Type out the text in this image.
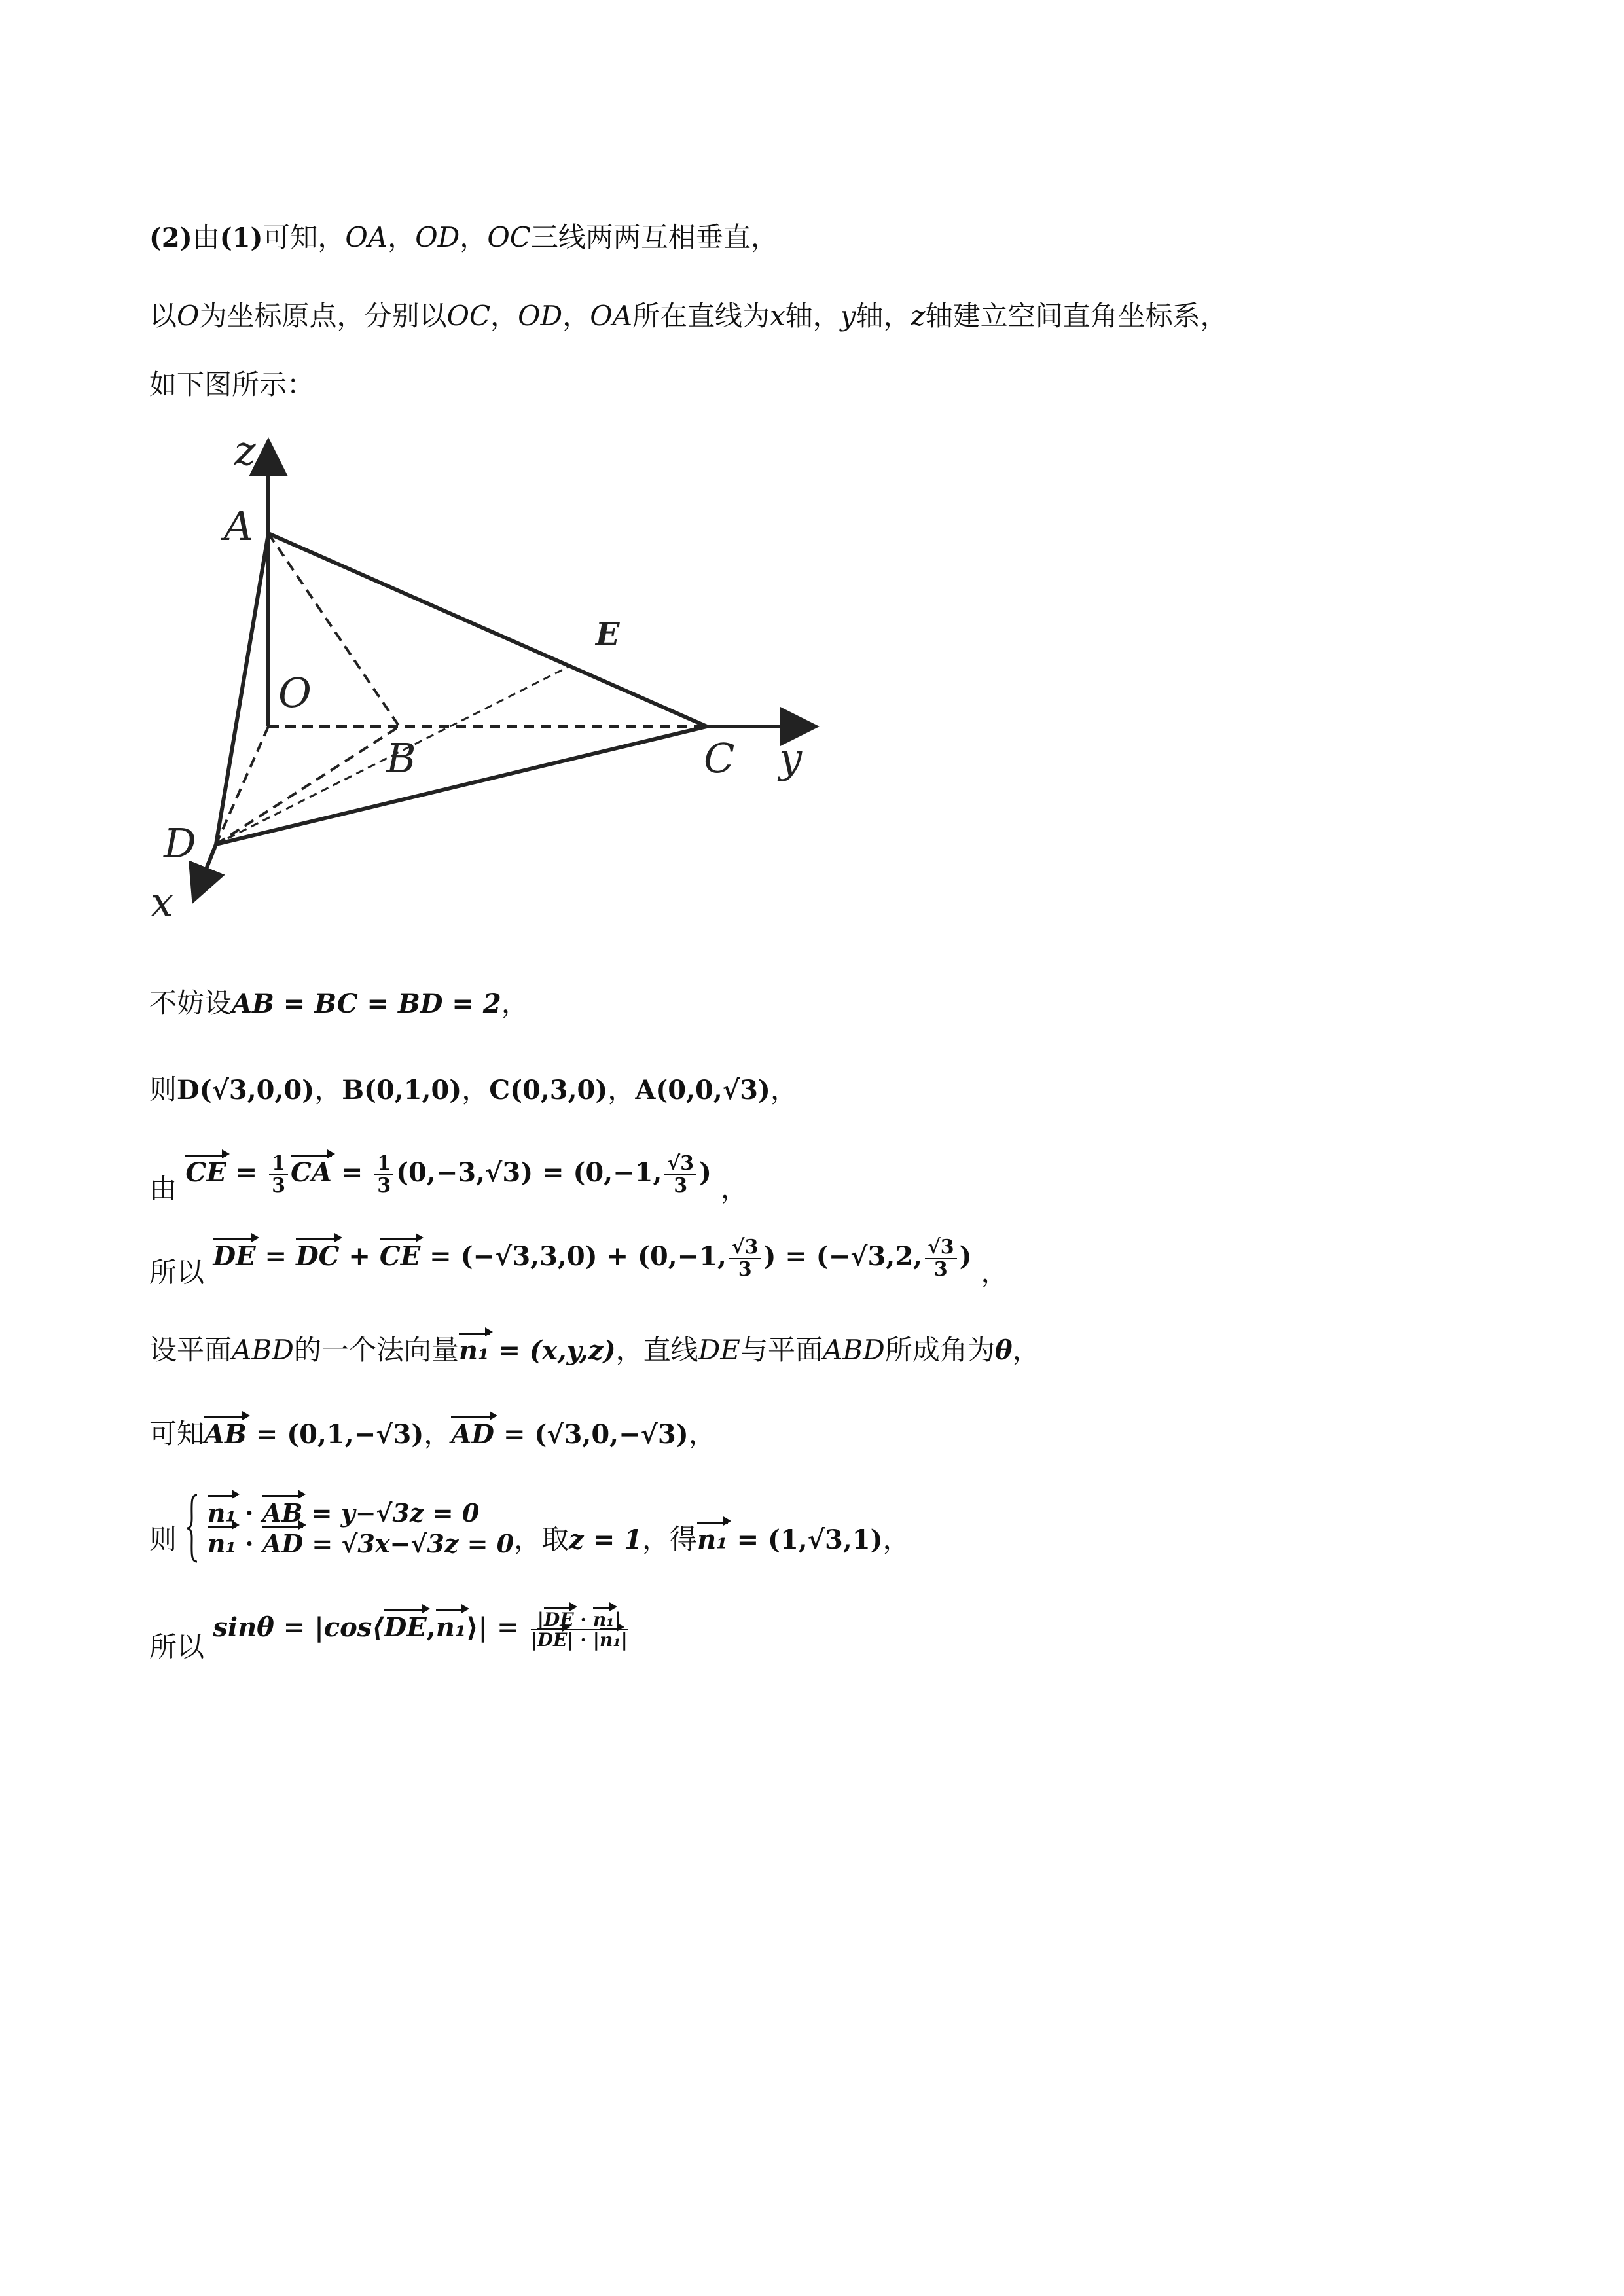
(2)由(1)可知，OA，OD，OC三线两两互相垂直，
以O为坐标原点，分别以OC，OD，OA所在直线为x轴，y轴，z轴建立空间直角坐标系，
如下图所示：
z
A
E
O
B	C y
D
x
不妨设AB = BC = BD = 2，
则D(√3,0,0)，B(0,1,0)，C(0,3,0)，A(0,0,√3)，
由 CE = $\frac{1}{3}$ CA = $\frac{1}{3} (0,-3,√3) = (0,-1$, $\frac{√3}{3}$ ) ，
所以 DE = DC + CE = (−√3,3,0) + (0,−1, $\frac{√3}{3}$ ) = (−√3,2, $\frac{√3}{3}$ ) ，
设平面ABD的一个法向量n₁ = (x,y,z)，直线DE与平面ABD所成角为θ，
可知AB = (0,1,−√3)，AD = (√3,0,−√3)，
则
n₁ · AB = y−√3z = 0
n₁ · AD = √3x−√3z = 0 ，取z = 1，得n₁ = (1,√3,1)，
所以 sinθ = |cos⟨DE,n₁⟩| = $\frac{\text{|DE · n₁|}}{\text{|DE| · |n₁|}}$
